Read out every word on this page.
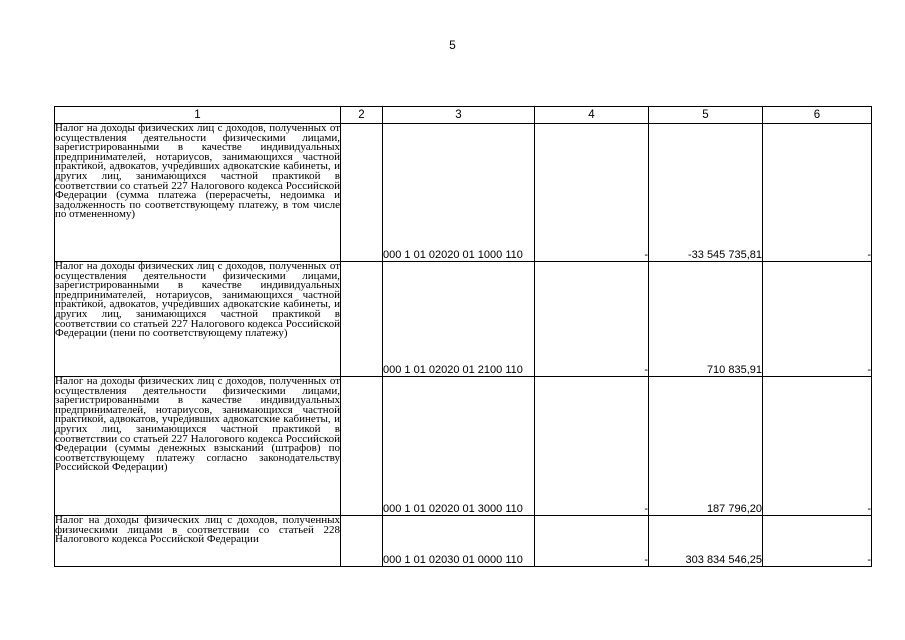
5
1	2	3	4	5	6
Налог на доходы физических лиц с доходов, полученных от осуществления деятельности физическими лицами, зарегистрированными в качестве индивидуальных предпринимателей, нотариусов, занимающихся частной практикой, адвокатов, учредивших адвокатские кабинеты, и других лиц, занимающихся частной практикой в соответствии со статьей 227 Налогового кодекса Российской Федерации (сумма платежа (перерасчеты, недоимка и задолженность по соответствующему платежу, в том числе по отмененному)		000 1 01 02020 01 1000 110	-	-33 545 735,81	-
Налог на доходы физических лиц с доходов, полученных от осуществления деятельности физическими лицами, зарегистрированными в качестве индивидуальных предпринимателей, нотариусов, занимающихся частной практикой, адвокатов, учредивших адвокатские кабинеты, и других лиц, занимающихся частной практикой в соответствии со статьей 227 Налогового кодекса Российской Федерации (пени по соответствующему платежу)		000 1 01 02020 01 2100 110	-	710 835,91	-
Налог на доходы физических лиц с доходов, полученных от осуществления деятельности физическими лицами, зарегистрированными в качестве индивидуальных предпринимателей, нотариусов, занимающихся частной практикой, адвокатов, учредивших адвокатские кабинеты, и других лиц, занимающихся частной практикой в соответствии со статьей 227 Налогового кодекса Российской Федерации (суммы денежных взысканий (штрафов) по соответствующему платежу согласно законодательству Российской Федерации)		000 1 01 02020 01 3000 110	-	187 796,20	-
Налог на доходы физических лиц с доходов, полученных физическими лицами в соответствии со статьей 228 Налогового кодекса Российской Федерации		000 1 01 02030 01 0000 110	-	303 834 546,25	-
